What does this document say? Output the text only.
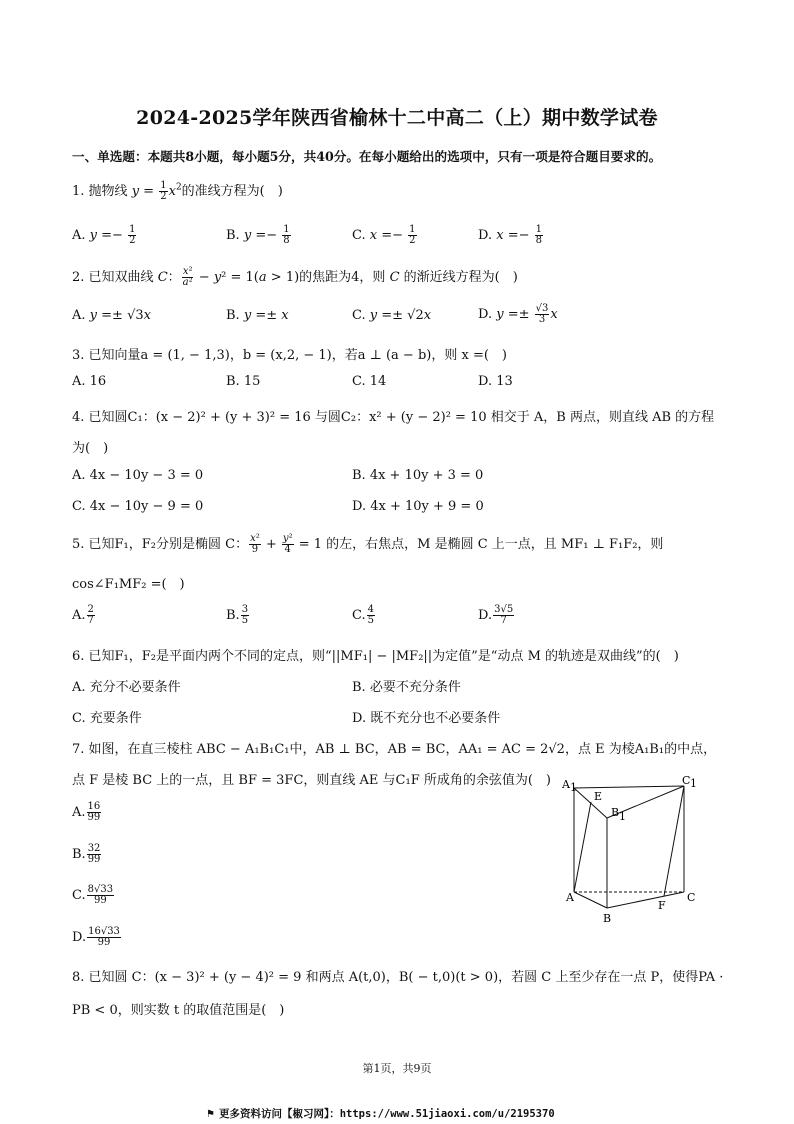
2024-2025学年陕西省榆林十二中高二（上）期中数学试卷
一、单选题：本题共8小题，每小题5分，共40分。在每小题给出的选项中，只有一项是符合题目要求的。
1. 抛物线 $y = \frac{1}{2} x^2$的准线方程为(　)
A. $y =- \frac{1}{2}$	B. $y =- \frac{1}{8}$	C. $x =- \frac{1}{2}$	D. $x =- \frac{1}{8}$
2. 已知双曲线 C： $\frac{\text{x²}}{\text{a²}} - y^2 = 1(a > 1)$的焦距为4，则 C 的渐近线方程为(　)
A. y =± √3x	B. y =± x	C. y =± √2x	D. $y =\pm \frac{√3}{3}$ x
3. 已知向量a = (1, − 1,3)，b = (x,2, − 1)，若a ⊥ (a − b)，则 x =(　)
A. 16	B. 15	C. 14	D. 13
4. 已知圆C₁：(x − 2)² + (y + 3)² = 16 与圆C₂：x² + (y − 2)² = 10 相交于 A，B 两点，则直线 AB 的方程
为(　)
A. 4x − 10y − 3 = 0	B. 4x + 10y + 3 = 0
C. 4x − 10y − 9 = 0	D. 4x + 10y + 9 = 0
5. 已知F₁，F₂分别是椭圆 C： $\frac{\text{x²}}{9} + \frac{\text{y²}}{4} = 1$ 的左，右焦点，M 是椭圆 C 上一点，且 MF₁ ⊥ F₁F₂，则
cos∠F₁MF₂ =(　)
A. $\frac{2}{7}$	B. $\frac{3}{5}$	C. $\frac{4}{5}$	D. $\frac{3√5}{7}$
6. 已知F₁，F₂是平面内两个不同的定点，则“||MF₁| − |MF₂||为定值”是“动点 M 的轨迹是双曲线”的(　)
A. 充分不必要条件	B. 必要不充分条件
C. 充要条件	D. 既不充分也不必要条件
7. 如图，在直三棱柱 ABC − A₁B₁C₁中，AB ⊥ BC，AB = BC，AA₁ = AC = 2√2，点 E 为棱A₁B₁的中点，
点 F 是棱 BC 上的一点，且 BF = 3FC，则直线 AE 与C₁F 所成角的余弦值为(　)
A. $\frac{16}{99}$
B. $\frac{32}{99}$
C. $\frac{8√33}{99}$
D. $\frac{16√33}{99}$
A 1
E
B 1
C 1
A
B
F
C
8. 已知圆 C：(x − 3)² + (y − 4)² = 9 和两点 A(t,0)，B( − t,0)(t > 0)，若圆 C 上至少存在一点 P，使得PA ·
PB < 0，则实数 t 的取值范围是(　)
第1页，共9页
⚑ 更多资料访问【椒习网】：https://www.51jiaoxi.com/u/2195370
